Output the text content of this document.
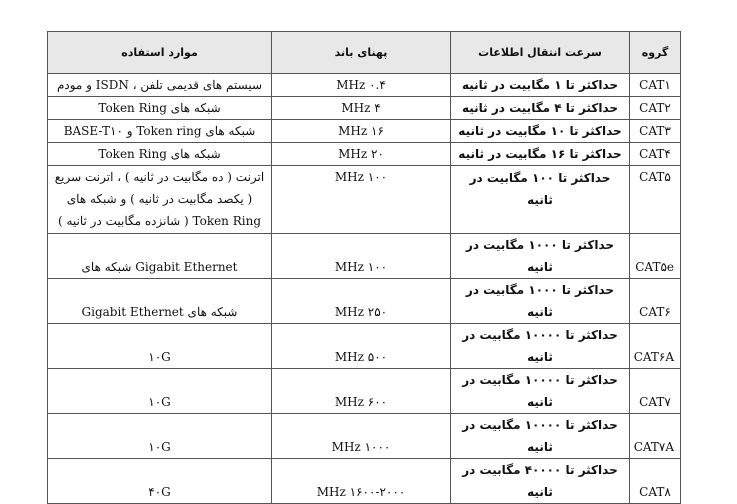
گروه	سرعت انتقال اطلاعات	پهنای باند	موارد استفاده
CAT۱	حداکثر تا ۱ مگابیت در ثانیه	۰.۴ MHz	سیستم های قدیمی تلفن ، ISDN و مودم
CAT۲	حداکثر تا ۴ مگابیت در ثانیه	۴ MHz	شبکه های Token Ring
CAT۳	حداکثر تا ۱۰ مگابیت در ثانیه	۱۶ MHz	شبکه های Token ring و BASE-T۱۰
CAT۴	حداکثر تا ۱۶ مگابیت در ثانیه	۲۰ MHz	شبکه های Token Ring
CAT۵	حداکثر تا ۱۰۰ مگابیت در ثانیه	۱۰۰ MHz	اترنت ( ده مگابیت در ثانیه ) ، اترنت سریع ( یکصد مگابیت در ثانیه ) و شبکه های Token Ring ( شانزده مگابیت در ثانیه )
CAT۵e	حداکثر تا ۱۰۰۰ مگابیت در ثانیه	۱۰۰ MHz	Gigabit Ethernet شبکه های
CAT۶	حداکثر تا ۱۰۰۰ مگابیت در ثانیه	۲۵۰ MHz	شبکه های Gigabit Ethernet
CAT۶A	حداکثر تا ۱۰۰۰۰ مگابیت در ثانیه	۵۰۰ MHz	۱۰G
CAT۷	حداکثر تا ۱۰۰۰۰ مگابیت در ثانیه	۶۰۰ MHz	۱۰G
CAT۷A	حداکثر تا ۱۰۰۰۰ مگابیت در ثانیه	۱۰۰۰ MHz	۱۰G
CAT۸	حداکثر تا ۴۰۰۰۰ مگابیت در ثانیه	۱۶۰۰-۲۰۰۰ MHz	۴۰G
